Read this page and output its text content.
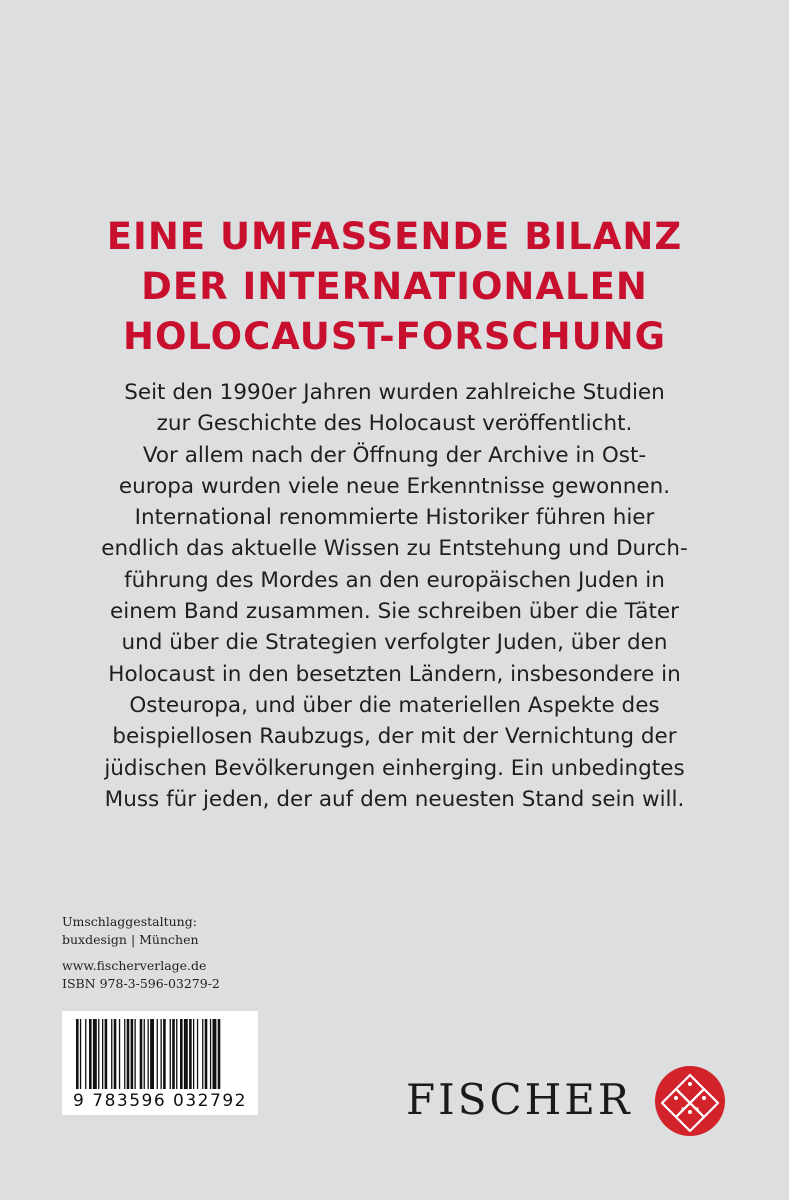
EINE UMFASSENDE BILANZ
DER INTERNATIONALEN
HOLOCAUST-FORSCHUNG
Seit den 1990er Jahren wurden zahlreiche Studien
zur Geschichte des Holocaust veröffentlicht.
Vor allem nach der Öffnung der Archive in Ost-
europa wurden viele neue Erkenntnisse gewonnen.
International renommierte Historiker führen hier
endlich das aktuelle Wissen zu Entstehung und Durch-
führung des Mordes an den europäischen Juden in
einem Band zusammen. Sie schreiben über die Täter
und über die Strategien verfolgter Juden, über den
Holocaust in den besetzten Ländern, insbesondere in
Osteuropa, und über die materiellen Aspekte des
beispiellosen Raubzugs, der mit der Vernichtung der
jüdischen Bevölkerungen einherging. Ein unbedingtes
Muss für jeden, der auf dem neuesten Stand sein will.
Umschlaggestaltung:
buxdesign | München
www.fischerverlage.de
ISBN 978-3-596-03279-2
9 783596 032792	FISCHER
